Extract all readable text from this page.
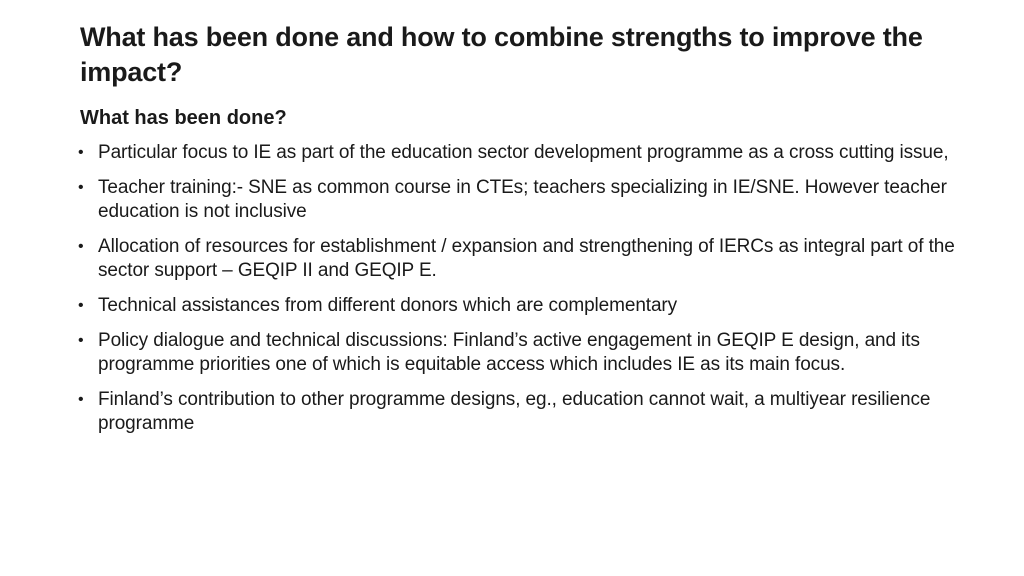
What has been done and how to combine strengths to improve the impact?
What has been done?
• Particular focus to IE as part of the education sector development programme as a cross cutting issue,
• Teacher training:- SNE as common course in CTEs; teachers specializing in IE/SNE. However teacher education is not inclusive
• Allocation of resources for establishment / expansion and strengthening of IERCs as integral part of the sector support – GEQIP II and GEQIP E.
• Technical assistances from different donors which are complementary
• Policy dialogue and technical discussions: Finland’s active engagement in GEQIP E design, and its programme priorities one of which is equitable access which includes IE as its main focus.
• Finland’s contribution to other programme designs, eg., education cannot wait, a multiyear resilience programme
